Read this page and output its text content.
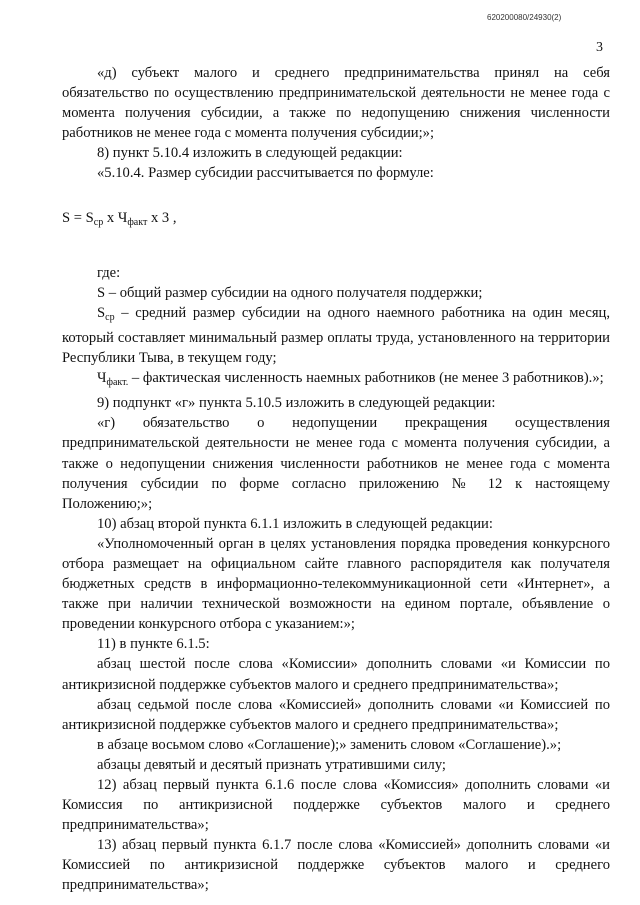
620200080/24930(2)
3

«д) субъект малого и среднего предпринимательства принял на себя обязательство по осуществлению предпринимательской деятельности не менее года с момента получения субсидии, а также по недопущению снижения численности работников не менее года с момента получения субсидии;»;

8) пункт 5.10.4 изложить в следующей редакции:

«5.10.4. Размер субсидии рассчитывается по формуле:

$S = S_{ср}$ х $Ч_{факт}$ х 3 ,

где:

S – общий размер субсидии на одного получателя поддержки;

$S_{ср}$ – средний размер субсидии на одного наемного работника на один месяц, который составляет минимальный размер оплаты труда, установленного на территории Республики Тыва, в текущем году;

$Ч_{факт.}$ – фактическая численность наемных работников (не менее 3 работников).»;

9) подпункт «г» пункта 5.10.5 изложить в следующей редакции:

«г) обязательство о недопущении прекращения осуществления предпринимательской деятельности не менее года с момента получения субсидии, а также о недопущении снижения численности работников не менее года с момента получения субсидии по форме согласно приложению № 12 к настоящему Положению;»;

10) абзац второй пункта 6.1.1 изложить в следующей редакции:

«Уполномоченный орган в целях установления порядка проведения конкурсного отбора размещает на официальном сайте главного распорядителя как получателя бюджетных средств в информационно-телекоммуникационной сети «Интернет», а также при наличии технической возможности на едином портале, объявление о проведении конкурсного отбора с указанием:»;

11) в пункте 6.1.5:

абзац шестой после слова «Комиссии» дополнить словами «и Комиссии по антикризисной поддержке субъектов малого и среднего предпринимательства»;

абзац седьмой после слова «Комиссией» дополнить словами «и Комиссией по антикризисной поддержке субъектов малого и среднего предпринимательства»;

в абзаце восьмом слово «Соглашение);» заменить словом «Соглашение).»;

абзацы девятый и десятый признать утратившими силу;

12) абзац первый пункта 6.1.6 после слова «Комиссия» дополнить словами «и Комиссия по антикризисной поддержке субъектов малого и среднего предпринимательства»;

13) абзац первый пункта 6.1.7 после слова «Комиссией» дополнить словами «и Комиссией по антикризисной поддержке субъектов малого и среднего предпринимательства»;
